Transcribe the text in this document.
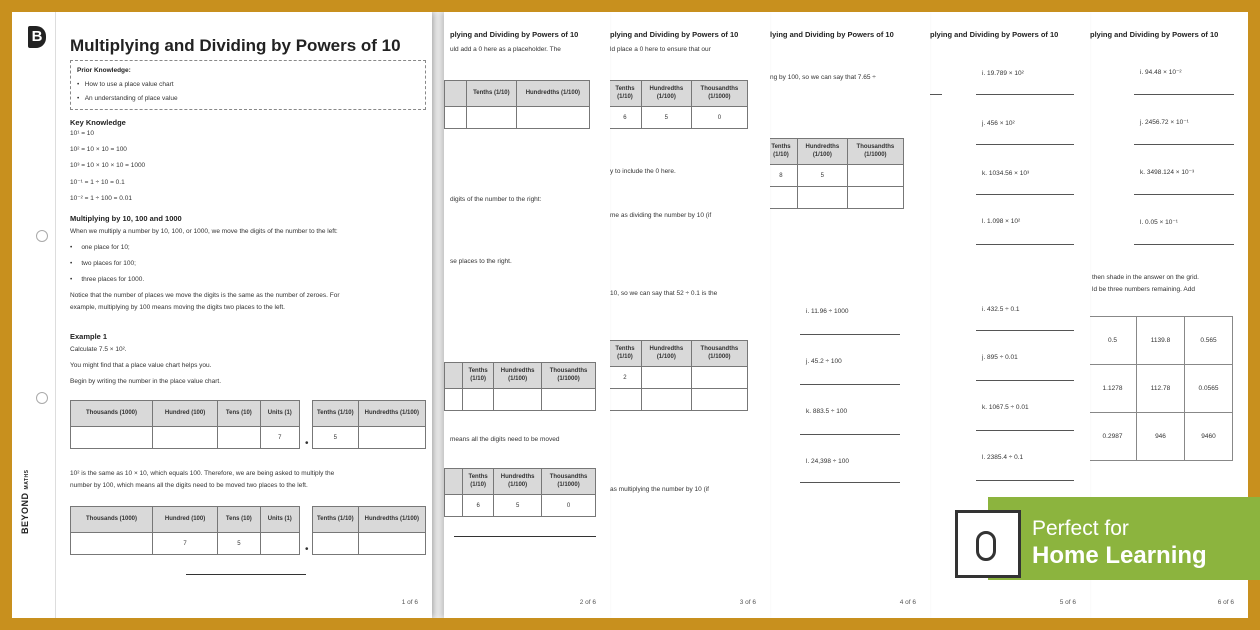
plying and Dividing by Powers of 10
i. 94.48 × 10⁻²
j. 2456.72 × 10⁻¹
k. 3498.124 × 10⁻³
l. 0.05 × 10⁻¹
then shade in the answer on the grid.
ld be three numbers remaining. Add
0.5	1139.8	0.565
1.1278	112.78	0.0565
0.2987	946	9460
6 of 6
plying and Dividing by Powers of 10
i. 19.789 × 10²
j. 456 × 10²
k. 1034.56 × 10³
l. 1.098 × 10²
i. 432.5 ÷ 0.1
j. 895 ÷ 0.01
k. 1067.5 ÷ 0.01
l. 2385.4 ÷ 0.1
5 of 6
lying and Dividing by Powers of 10
ng by 100, so we can say that 7.65 ÷
Tenths (1/10)	Hundredths (1/100)	Thousandths (1/1000)
8	5	

i. 11.96 ÷ 1000
j. 45.2 ÷ 100
k. 883.5 ÷ 100
l. 24,398 ÷ 100
4 of 6
plying and Dividing by Powers of 10
ld place a 0 here to ensure that our
Tenths (1/10)	Hundredths (1/100)	Thousandths (1/1000)
6	5	0
y to include the 0 here.
me as dividing the number by 10 (if
10, so we can say that 52 ÷ 0.1 is the
Tenths (1/10)	Hundredths (1/100)	Thousandths (1/1000)
2		

as multiplying the number by 10 (if
3 of 6
plying and Dividing by Powers of 10
uld add a 0 here as a placeholder. The
	Tenths (1/10)	Hundredths (1/100)

digits of the number to the right:
se places to the right.
	Tenths (1/10)	Hundredths (1/100)	Thousandths (1/1000)

means all the digits need to be moved
	Tenths (1/10)	Hundredths (1/100)	Thousandths (1/1000)
	6	5	0
2 of 6
Multiplying and Dividing by Powers of 10
Prior Knowledge:
•   How to use a place value chart
•   An understanding of place value
Key Knowledge
10¹ = 10
10² = 10 × 10 = 100
10³ = 10 × 10 × 10 = 1000
10⁻¹ = 1 ÷ 10 = 0.1
10⁻² = 1 ÷ 100 = 0.01
Multiplying by 10, 100 and 1000
When we multiply a number by 10, 100, or 1000, we move the digits of the number to the left:
•     one place for 10;
•     two places for 100;
•     three places for 1000.
Notice that the number of places we move the digits is the same as the number of zeroes. For
example, multiplying by 100 means moving the digits two places to the left.
Example 1
Calculate 7.5 × 10².
You might find that a place value chart helps you.
Begin by writing the number in the place value chart.
Thousands (1000)	Hundred (100)	Tens (10)	Units (1)
			7
•
Tenths (1/10)	Hundredths (1/100)
5	
10² is the same as 10 × 10, which equals 100. Therefore, we are being asked to multiply the
number by 100, which means all the digits need to be moved two places to the left.
Thousands (1000)	Hundred (100)	Tens (10)	Units (1)
	7	5	
•
Tenths (1/10)	Hundredths (1/100)

1 of 6
B
BEYOND MATHS
Perfect for
Home Learning
